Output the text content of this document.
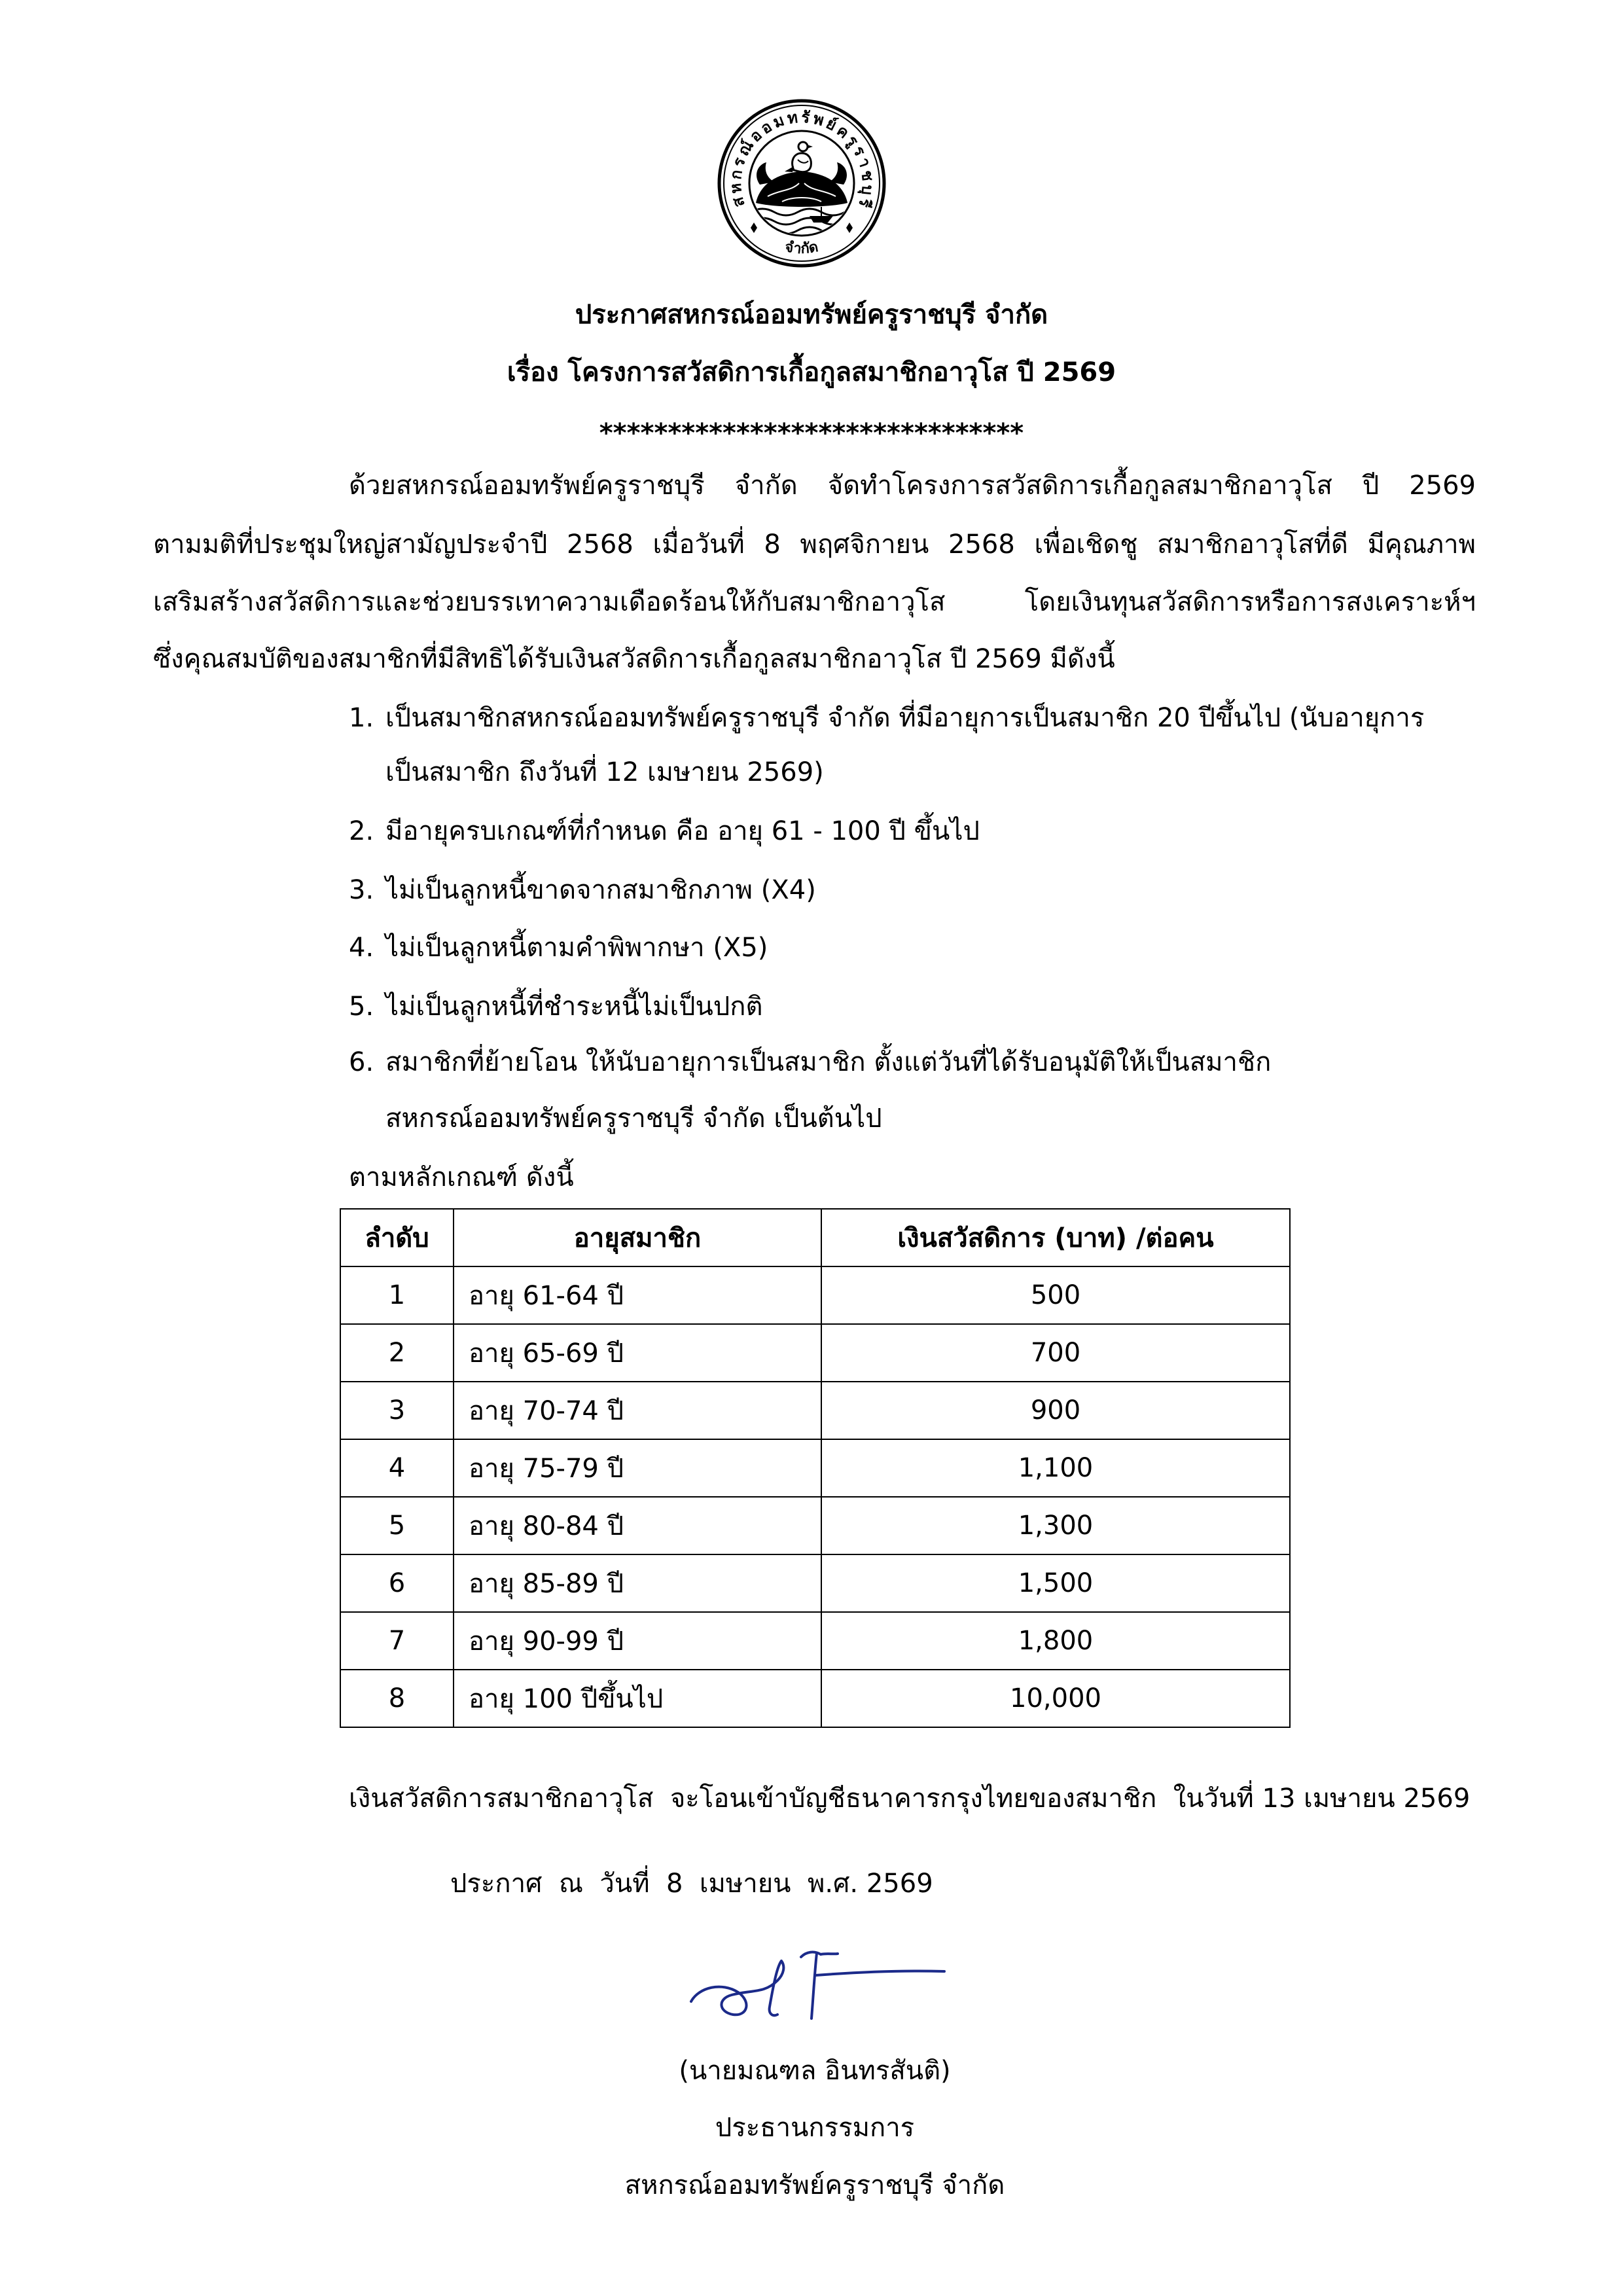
สหกรณ์ออมทรัพย์ครูราชบุรี
จำกัด
ประกาศสหกรณ์ออมทรัพย์ครูราชบุรี จำกัด
เรื่อง โครงการสวัสดิการเกื้อกูลสมาชิกอาวุโส ปี 2569
*******************************
ด้วยสหกรณ์ออมทรัพย์ครูราชบุรี จำกัด จัดทำโครงการสวัสดิการเกื้อกูลสมาชิกอาวุโส ปี 2569
ตามมติที่ประชุมใหญ่สามัญประจำปี 2568 เมื่อวันที่ 8 พฤศจิกายน 2568 เพื่อเชิดชู สมาชิกอาวุโสที่ดี มีคุณภาพ
เสริมสร้างสวัสดิการและช่วยบรรเทาความเดือดร้อนให้กับสมาชิกอาวุโส โดยเงินทุนสวัสดิการหรือการสงเคราะห์ฯ
ซึ่งคุณสมบัติของสมาชิกที่มีสิทธิได้รับเงินสวัสดิการเกื้อกูลสมาชิกอาวุโส ปี 2569 มีดังนี้
1. เป็นสมาชิกสหกรณ์ออมทรัพย์ครูราชบุรี จำกัด ที่มีอายุการเป็นสมาชิก 20 ปีขึ้นไป (นับอายุการ
เป็นสมาชิก ถึงวันที่ 12 เมษายน 2569)
2. มีอายุครบเกณฑ์ที่กำหนด คือ อายุ 61 - 100 ปี ขึ้นไป
3. ไม่เป็นลูกหนี้ขาดจากสมาชิกภาพ (X4)
4. ไม่เป็นลูกหนี้ตามคำพิพากษา (X5)
5. ไม่เป็นลูกหนี้ที่ชำระหนี้ไม่เป็นปกติ
6. สมาชิกที่ย้ายโอน ให้นับอายุการเป็นสมาชิก ตั้งแต่วันที่ได้รับอนุมัติให้เป็นสมาชิก
สหกรณ์ออมทรัพย์ครูราชบุรี จำกัด เป็นต้นไป
ตามหลักเกณฑ์ ดังนี้
ลำดับ	อายุสมาชิก	เงินสวัสดิการ (บาท) /ต่อคน
1	อายุ 61-64 ปี	500
2	อายุ 65-69 ปี	700
3	อายุ 70-74 ปี	900
4	อายุ 75-79 ปี	1,100
5	อายุ 80-84 ปี	1,300
6	อายุ 85-89 ปี	1,500
7	อายุ 90-99 ปี	1,800
8	อายุ 100 ปีขึ้นไป	10,000
เงินสวัสดิการสมาชิกอาวุโส  จะโอนเข้าบัญชีธนาคารกรุงไทยของสมาชิก  ในวันที่ 13 เมษายน 2569
ประกาศ  ณ  วันที่  8  เมษายน  พ.ศ. 2569
(นายมณฑล อินทรสันติ)
ประธานกรรมการ
สหกรณ์ออมทรัพย์ครูราชบุรี จำกัด
